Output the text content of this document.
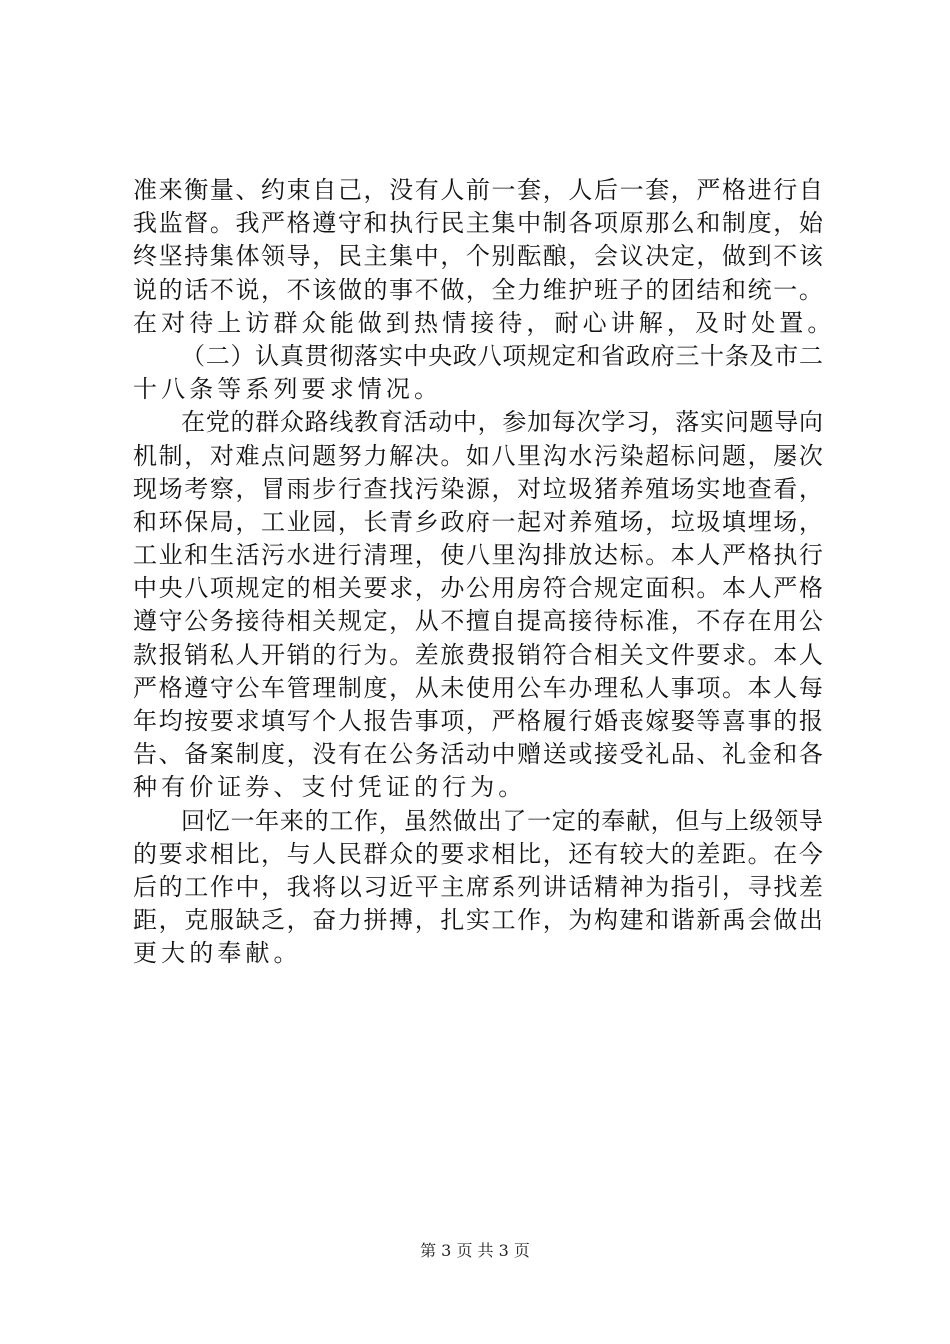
准 来 衡 量 、 约 束 自 己 ， 没 有 人 前 一 套 ， 人 后 一 套 ， 严 格 进 行 自
我 监 督 。 我 严 格 遵 守 和 执 行 民 主 集 中 制 各 项 原 那 么 和 制 度 ， 始
终 坚 持 集 体 领 导 ， 民 主 集 中 ， 个 别 酝 酿 ， 会 议 决 定 ， 做 到 不 该
说 的 话 不 说 ， 不 该 做 的 事 不 做 ， 全 力 维 护 班 子 的 团 结 和 统 一 。
在对待上访群众能做到热情接待，耐心讲解，及时处置。
（ 二 ） 认 真 贯 彻 落 实 中 央 政 八 项 规 定 和 省 政 府 三 十 条 及 市 二
十八条等系列要求情况。
在 党 的 群 众 路 线 教 育 活 动 中 ， 参 加 每 次 学 习 ， 落 实 问 题 导 向
机 制 ， 对 难 点 问 题 努 力 解 决 。 如 八 里 沟 水 污 染 超 标 问 题 ， 屡 次
现 场 考 察 ， 冒 雨 步 行 查 找 污 染 源 ， 对 垃 圾 猪 养 殖 场 实 地 查 看 ，
和 环 保 局 ， 工 业 园 ， 长 青 乡 政 府 一 起 对 养 殖 场 ， 垃 圾 填 埋 场 ，
工 业 和 生 活 污 水 进 行 清 理 ， 使 八 里 沟 排 放 达 标 。 本 人 严 格 执 行
中 央 八 项 规 定 的 相 关 要 求 ， 办 公 用 房 符 合 规 定 面 积 。 本 人 严 格
遵 守 公 务 接 待 相 关 规 定 ， 从 不 擅 自 提 高 接 待 标 准 ， 不 存 在 用 公
款 报 销 私 人 开 销 的 行 为 。 差 旅 费 报 销 符 合 相 关 文 件 要 求 。 本 人
严 格 遵 守 公 车 管 理 制 度 ， 从 未 使 用 公 车 办 理 私 人 事 项 。 本 人 每
年 均 按 要 求 填 写 个 人 报 告 事 项 ， 严 格 履 行 婚 丧 嫁 娶 等 喜 事 的 报
告 、 备 案 制 度 ， 没 有 在 公 务 活 动 中 赠 送 或 接 受 礼 品 、 礼 金 和 各
种有价证券、支付凭证的行为。
回 忆 一 年 来 的 工 作 ， 虽 然 做 出 了 一 定 的 奉 献 ， 但 与 上 级 领 导
的 要 求 相 比 ， 与 人 民 群 众 的 要 求 相 比 ， 还 有 较 大 的 差 距 。 在 今
后 的 工 作 中 ， 我 将 以 习 近 平 主 席 系 列 讲 话 精 神 为 指 引 ， 寻 找 差
距 ， 克 服 缺 乏 ， 奋 力 拼 搏 ， 扎 实 工 作 ， 为 构 建 和 谐 新 禹 会 做 出
更大的奉献。
第 3 页 共 3 页
